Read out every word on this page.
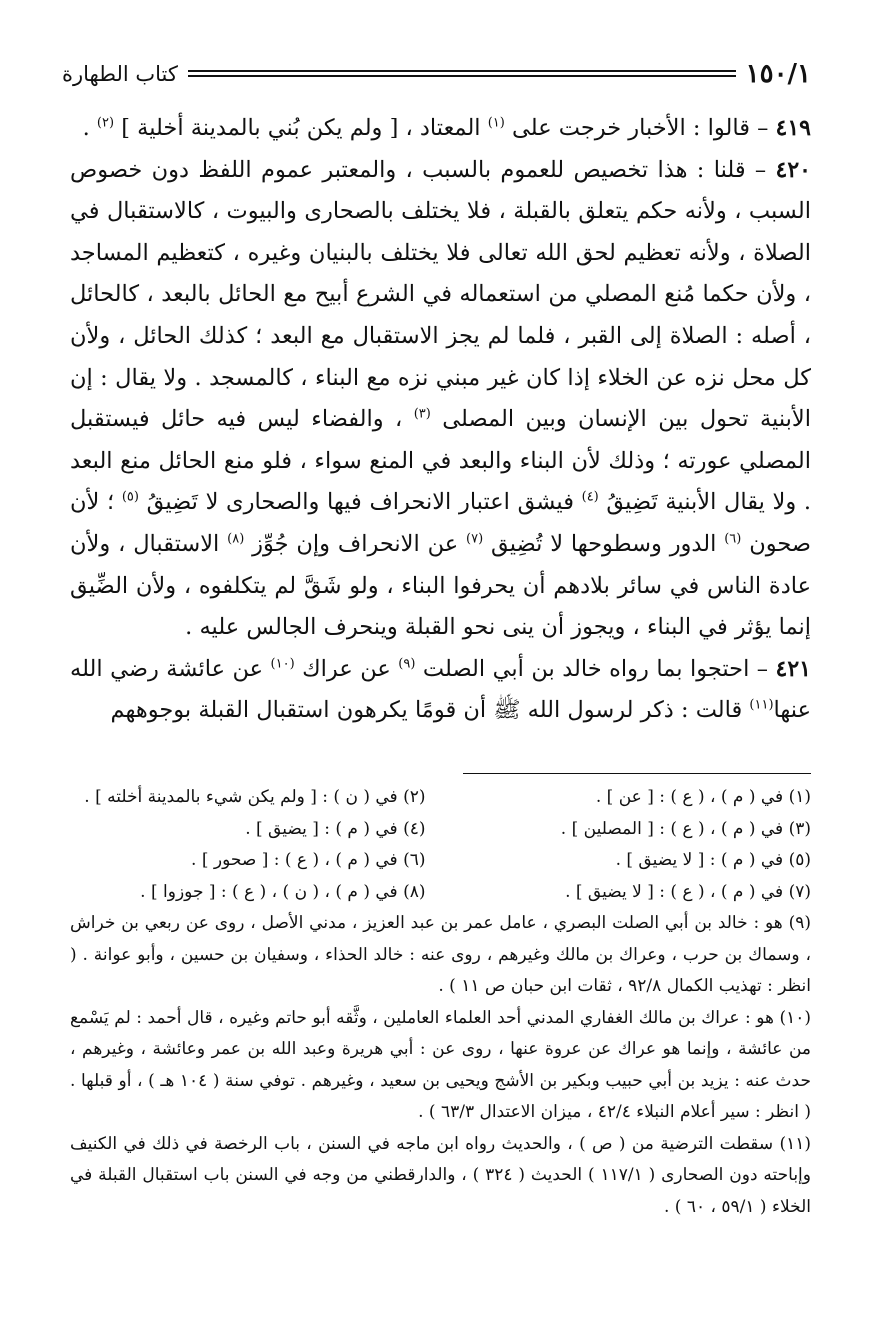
١٥٠/١
كتاب الطهارة

٤١٩ – قالوا : الأخبار خرجت على $^{(١)}$ المعتاد ، [ ولم يكن بُني بالمدينة أخلية ] $^{(٢)}$ .

٤٢٠ – قلنا : هذا تخصيص للعموم بالسبب ، والمعتبر عموم اللفظ دون خصوص السبب ، ولأنه حكم يتعلق بالقبلة ، فلا يختلف بالصحارى والبيوت ، كالاستقبال في الصلاة ، ولأنه تعظيم لحق الله تعالى فلا يختلف بالبنيان وغيره ، كتعظيم المساجد ، ولأن حكما مُنع المصلي من استعماله في الشرع أبيح مع الحائل بالبعد ، كالحائل ، أصله : الصلاة إلى القبر ، فلما لم يجز الاستقبال مع البعد ؛ كذلك الحائل ، ولأن كل محل نزه عن الخلاء إذا كان غير مبني نزه مع البناء ، كالمسجد . ولا يقال : إن الأبنية تحول بين الإنسان وبين المصلى $^{(٣)}$ ، والفضاء ليس فيه حائل فيستقبل المصلي عورته ؛ وذلك لأن البناء والبعد في المنع سواء ، فلو منع الحائل منع البعد . ولا يقال الأبنية تَضِيقُ $^{(٤)}$ فيشق اعتبار الانحراف فيها والصحارى لا تَضِيقُ $^{(٥)}$ ؛ لأن صحون $^{(٦)}$ الدور وسطوحها لا تُضِيق $^{(٧)}$ عن الانحراف وإن جُوِّز $^{(٨)}$ الاستقبال ، ولأن عادة الناس في سائر بلادهم أن يحرفوا البناء ، ولو شَقَّ لم يتكلفوه ، ولأن الضِّيق إنما يؤثر في البناء ، ويجوز أن ينى نحو القبلة وينحرف الجالس عليه .

٤٢١ – احتجوا بما رواه خالد بن أبي الصلت $^{(٩)}$ عن عراك $^{(١٠)}$ عن عائشة رضي الله عنها$^{(١١)}$ قالت : ذكر لرسول الله ﷺ أن قومًا يكرهون استقبال القبلة بوجوههم

(١) في ( م ) ، ( ع ) : [ عن ] .
(٢) في ( ن ) : [ ولم يكن شيء بالمدينة أخلته ] .
(٣) في ( م ) ، ( ع ) : [ المصلين ] .
(٤) في ( م ) : [ يضيق ] .
(٥) في ( م ) : [ لا يضيق ] .
(٦) في ( م ) ، ( ع ) : [ صحور ] .
(٧) في ( م ) ، ( ع ) : [ لا يضيق ] .
(٨) في ( م ) ، ( ن ) ، ( ع ) : [ جوزوا ] .

(٩) هو : خالد بن أبي الصلت البصري ، عامل عمر بن عبد العزيز ، مدني الأصل ، روى عن ربعي بن خراش ، وسماك بن حرب ، وعراك بن مالك وغيرهم ، روى عنه : خالد الحذاء ، وسفيان بن حسين ، وأبو عوانة . ( انظر : تهذيب الكمال ٩٢/٨ ، ثقات ابن حبان ص ١١ ) .

(١٠) هو : عراك بن مالك الغفاري المدني أحد العلماء العاملين ، وثَّقه أبو حاتم وغيره ، قال أحمد : لم يَسْمع من عائشة ، وإنما هو عراك عن عروة عنها ، روى عن : أبي هريرة وعبد الله بن عمر وعائشة ، وغيرهم ، حدث عنه : يزيد بن أبي حبيب وبكير بن الأشج ويحيى بن سعيد ، وغيرهم . توفي سنة ( ١٠٤ هـ ) ، أو قبلها . ( انظر : سير أعلام النبلاء ٤٢/٤ ، ميزان الاعتدال ٦٣/٣ ) .

(١١) سقطت الترضية من ( ص ) ، والحديث رواه ابن ماجه في السنن ، باب الرخصة في ذلك في الكنيف وإباحته دون الصحارى ( ١١٧/١ ) الحديث ( ٣٢٤ ) ، والدارقطني من وجه في السنن باب استقبال القبلة في الخلاء ( ٥٩/١ ، ٦٠ ) .
